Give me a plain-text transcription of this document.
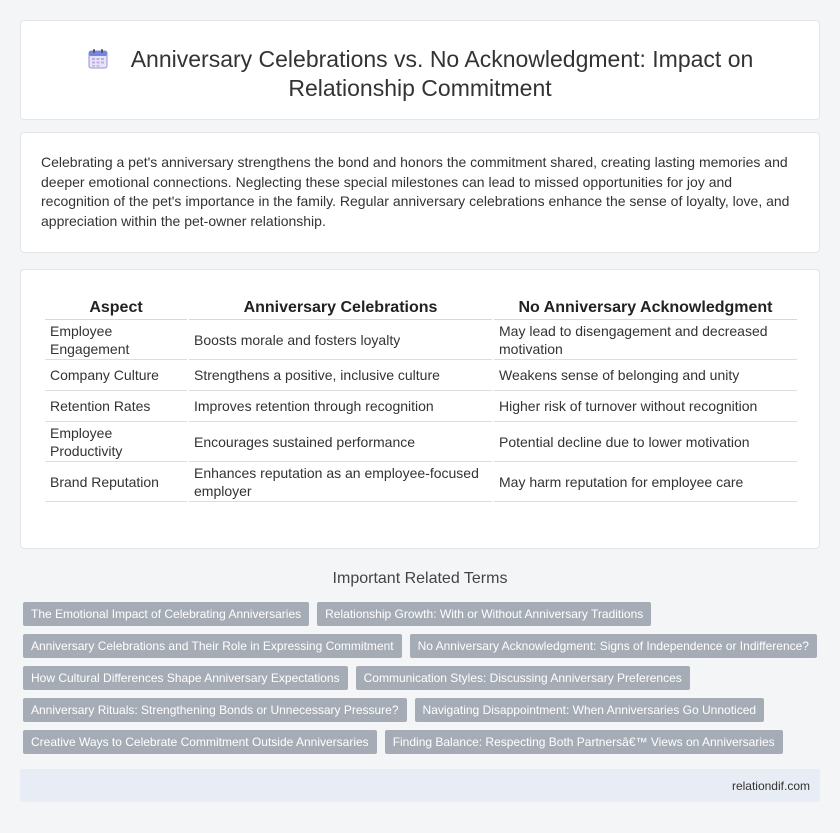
Anniversary Celebrations vs. No Acknowledgment: Impact on Relationship Commitment

Celebrating a pet's anniversary strengthens the bond and honors the commitment shared, creating lasting memories and deeper emotional connections. Neglecting these special milestones can lead to missed opportunities for joy and recognition of the pet's importance in the family. Regular anniversary celebrations enhance the sense of loyalty, love, and appreciation within the pet-owner relationship.

Aspect	Anniversary Celebrations	No Anniversary Acknowledgment
Employee Engagement	Boosts morale and fosters loyalty	May lead to disengagement and decreased motivation
Company Culture	Strengthens a positive, inclusive culture	Weakens sense of belonging and unity
Retention Rates	Improves retention through recognition	Higher risk of turnover without recognition
Employee Productivity	Encourages sustained performance	Potential decline due to lower motivation
Brand Reputation	Enhances reputation as an employee-focused employer	May harm reputation for employee care
Important Related Terms
The Emotional Impact of Celebrating Anniversaries	Relationship Growth: With or Without Anniversary Traditions
Anniversary Celebrations and Their Role in Expressing Commitment	No Anniversary Acknowledgment: Signs of Independence or Indifference?
How Cultural Differences Shape Anniversary Expectations	Communication Styles: Discussing Anniversary Preferences
Anniversary Rituals: Strengthening Bonds or Unnecessary Pressure?	Navigating Disappointment: When Anniversaries Go Unnoticed
Creative Ways to Celebrate Commitment Outside Anniversaries	Finding Balance: Respecting Both Partnersâ€™ Views on Anniversaries
relationdif.com
